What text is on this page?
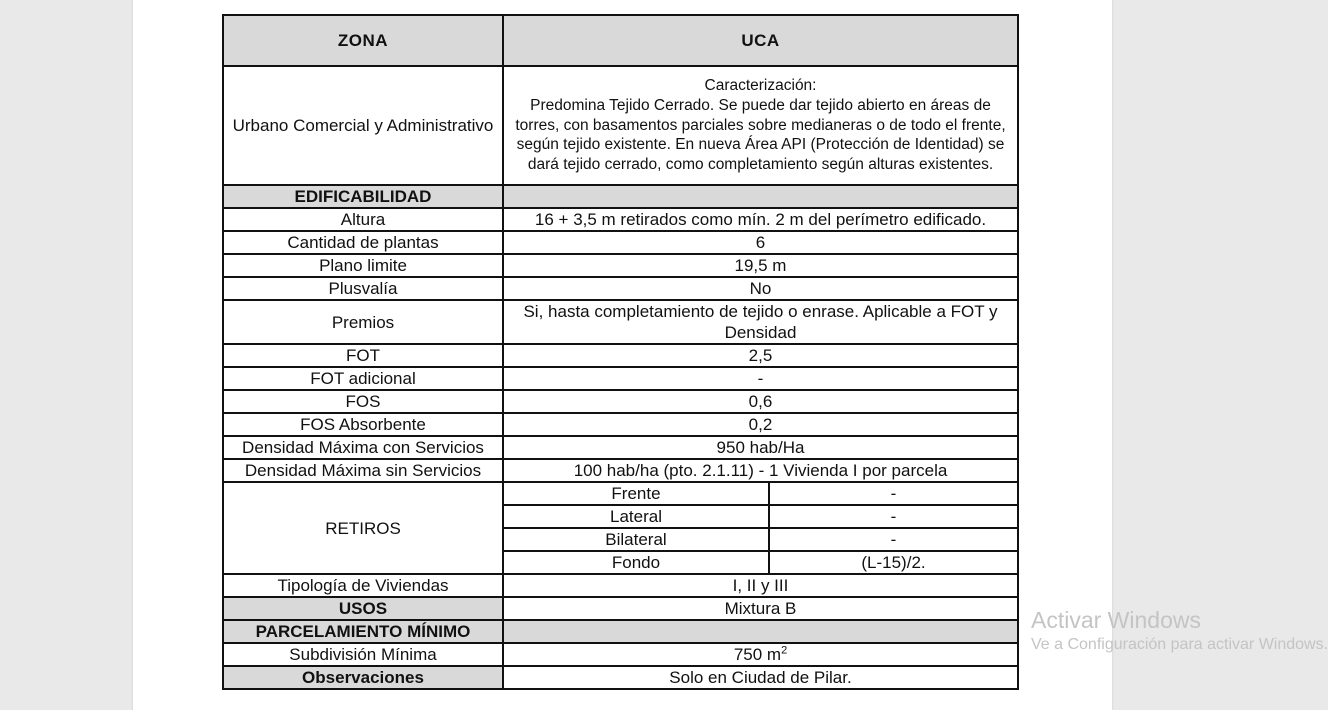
ZONA	UCA	
Urbano Comercial y Administrativo	Caracterización:
Predomina Tejido Cerrado. Se puede dar tejido abierto en áreas de torres, con basamentos parciales sobre medianeras o de todo el frente, según tejido existente. En nueva Área API (Protección de Identidad) se dará tejido cerrado, como completamiento según alturas existentes.	

EDIFICABILIDAD		
Altura	16 + 3,5 m retirados como mín. 2 m del perímetro edificado.	
Cantidad de plantas	6	
Plano limite	19,5 m	
Plusvalía	No	
Premios	Si, hasta completamiento de tejido o enrase. Aplicable a FOT y Densidad	
FOT	2,5	
FOT adicional	-	
FOS	0,6	
FOS Absorbente	0,2	
Densidad Máxima con Servicios	950 hab/Ha	
Densidad Máxima sin Servicios	100 hab/ha (pto. 2.1.11) - 1 Vivienda I por parcela	
RETIROS	Frente	-
	Lateral	-
	Bilateral	-
	Fondo	(L-15)/2.
Tipología de Viviendas	I, II y III	
USOS	Mixtura B	
PARCELAMIENTO MÍNIMO		
Subdivisión Mínima	750 $m^2$
Observaciones	Solo en Ciudad de Pilar.	
Activar Windows
Ve a Configuración para activar Windows.
